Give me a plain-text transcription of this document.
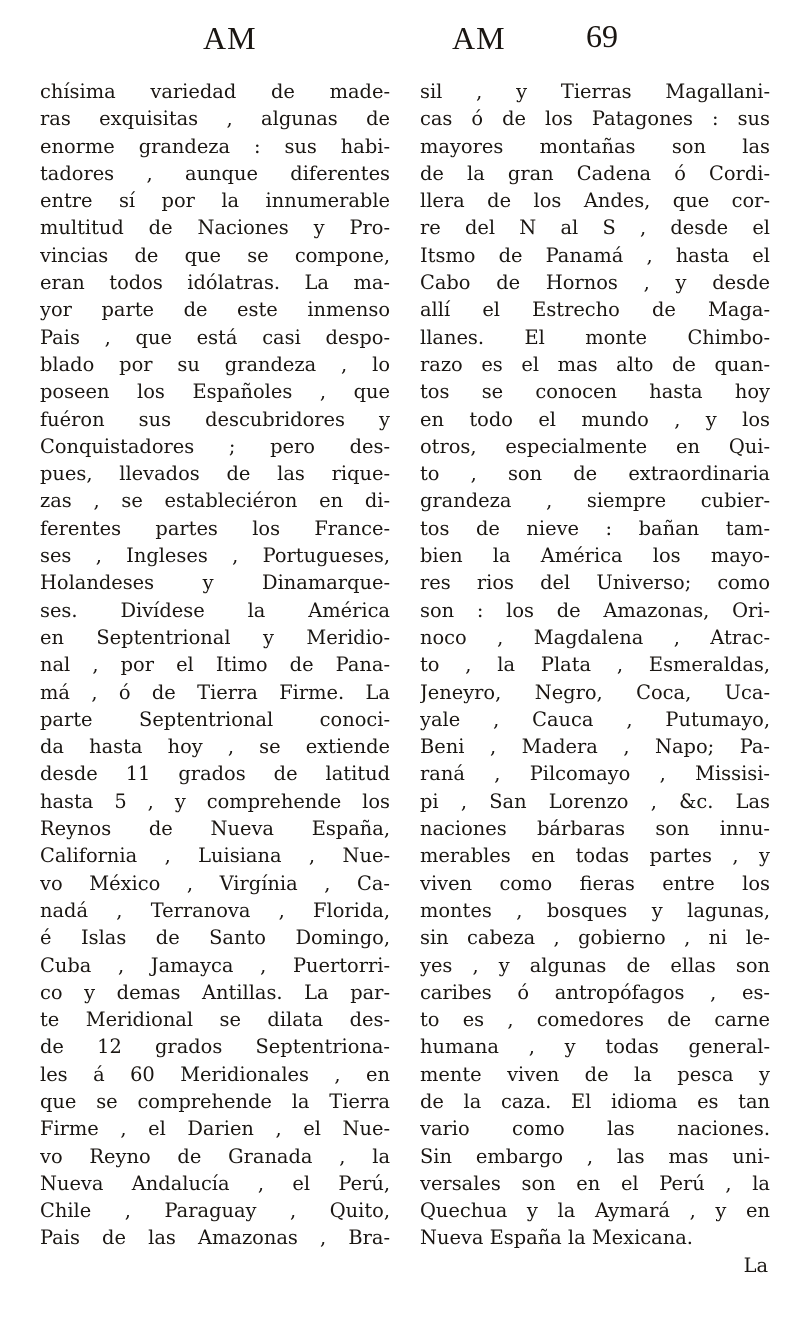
AM
chísima variedad de made-
ras exquisitas , algunas de
enorme grandeza : sus habi-
tadores , aunque diferentes
entre sí por la innumerable
multitud de Naciones y Pro-
vincias de que se compone,
eran todos idólatras. La ma-
yor parte de este inmenso
Pais , que está casi despo-
blado por su grandeza , lo
poseen los Españoles , que
fuéron sus descubridores y
Conquistadores ; pero des-
pues, llevados de las rique-
zas , se estableciéron en di-
ferentes partes los France-
ses , Ingleses , Portugueses,
Holandeses y Dinamarque-
ses. Divídese la América
en Septentrional y Meridio-
nal , por el Itimo de Pana-
má , ó de Tierra Firme. La
parte Septentrional conoci-
da hasta hoy , se extiende
desde 11 grados de latitud
hasta 5 , y comprehende los
Reynos de Nueva España,
California , Luisiana , Nue-
vo México , Virgínia , Ca-
nadá , Terranova , Florida,
é Islas de Santo Domingo,
Cuba , Jamayca , Puertorri-
co y demas Antillas. La par-
te Meridional se dilata des-
de 12 grados Septentriona-
les á 60 Meridionales , en
que se comprehende la Tierra
Firme , el Darien , el Nue-
vo Reyno de Granada , la
Nueva Andalucía , el Perú,
Chile , Paraguay , Quito,
Pais de las Amazonas , Bra-
AM	69
sil , y Tierras Magallani-
cas ó de los Patagones : sus
mayores montañas son las
de la gran Cadena ó Cordi-
llera de los Andes, que cor-
re del N al S , desde el
Itsmo de Panamá , hasta el
Cabo de Hornos , y desde
allí el Estrecho de Maga-
llanes. El monte Chimbo-
razo es el mas alto de quan-
tos se conocen hasta hoy
en todo el mundo , y los
otros, especialmente en Qui-
to , son de extraordinaria
grandeza , siempre cubier-
tos de nieve : bañan tam-
bien la América los mayo-
res rios del Universo; como
son : los de Amazonas, Ori-
noco , Magdalena , Atrac-
to , la Plata , Esmeraldas,
Jeneyro, Negro, Coca, Uca-
yale , Cauca , Putumayo,
Beni , Madera , Napo; Pa-
raná , Pilcomayo , Missisi-
pi , San Lorenzo , &c. Las
naciones bárbaras son innu-
merables en todas partes , y
viven como fieras entre los
montes , bosques y lagunas,
sin cabeza , gobierno , ni le-
yes , y algunas de ellas son
caribes ó antropófagos , es-
to es , comedores de carne
humana , y todas general-
mente viven de la pesca y
de la caza. El idioma es tan
vario como las naciones.
Sin embargo , las mas uni-
versales son en el Perú , la
Quechua y la Aymará , y en
Nueva España la Mexicana.
La
